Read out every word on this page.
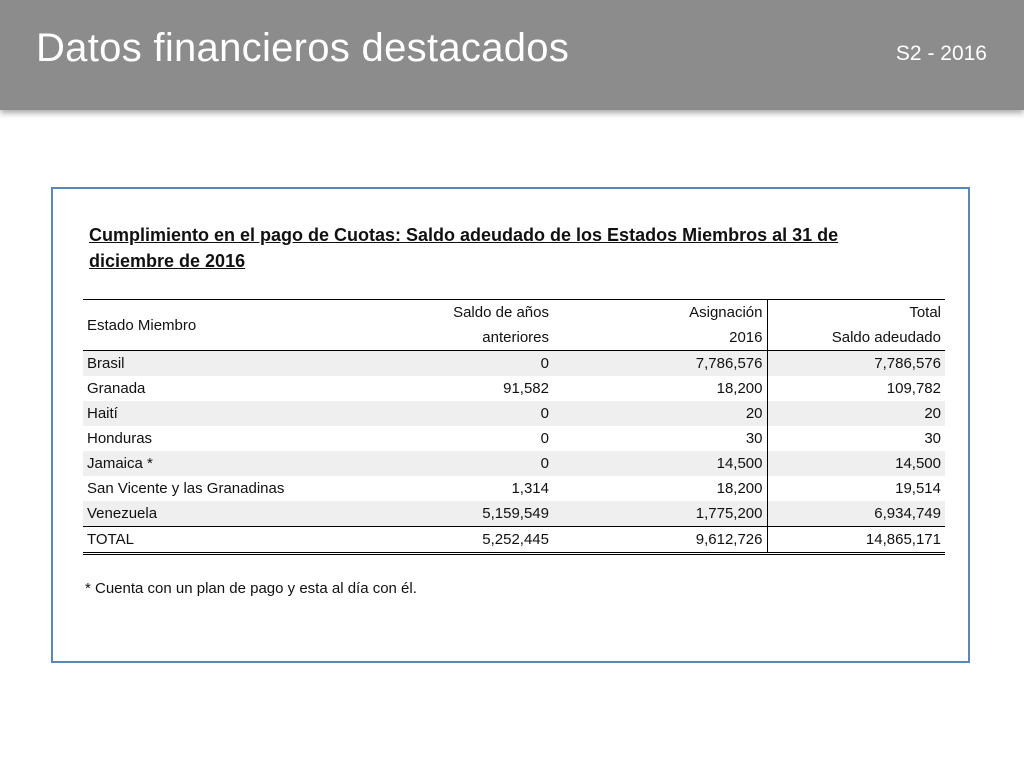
Datos financieros destacados	S2 - 2016
Cumplimiento en el pago de Cuotas: Saldo adeudado de los Estados Miembros al 31 de diciembre de 2016
Estado Miembro	Saldo de años	Asignación	Total
	anteriores	2016	Saldo adeudado
Brasil	0	7,786,576	7,786,576
Granada	91,582	18,200	109,782
Haití	0	20	20
Honduras	0	30	30
Jamaica *	0	14,500	14,500
San Vicente y las Granadinas	1,314	18,200	19,514
Venezuela	5,159,549	1,775,200	6,934,749
TOTAL	5,252,445	9,612,726	14,865,171
* Cuenta con un plan de pago y esta al día con él.
